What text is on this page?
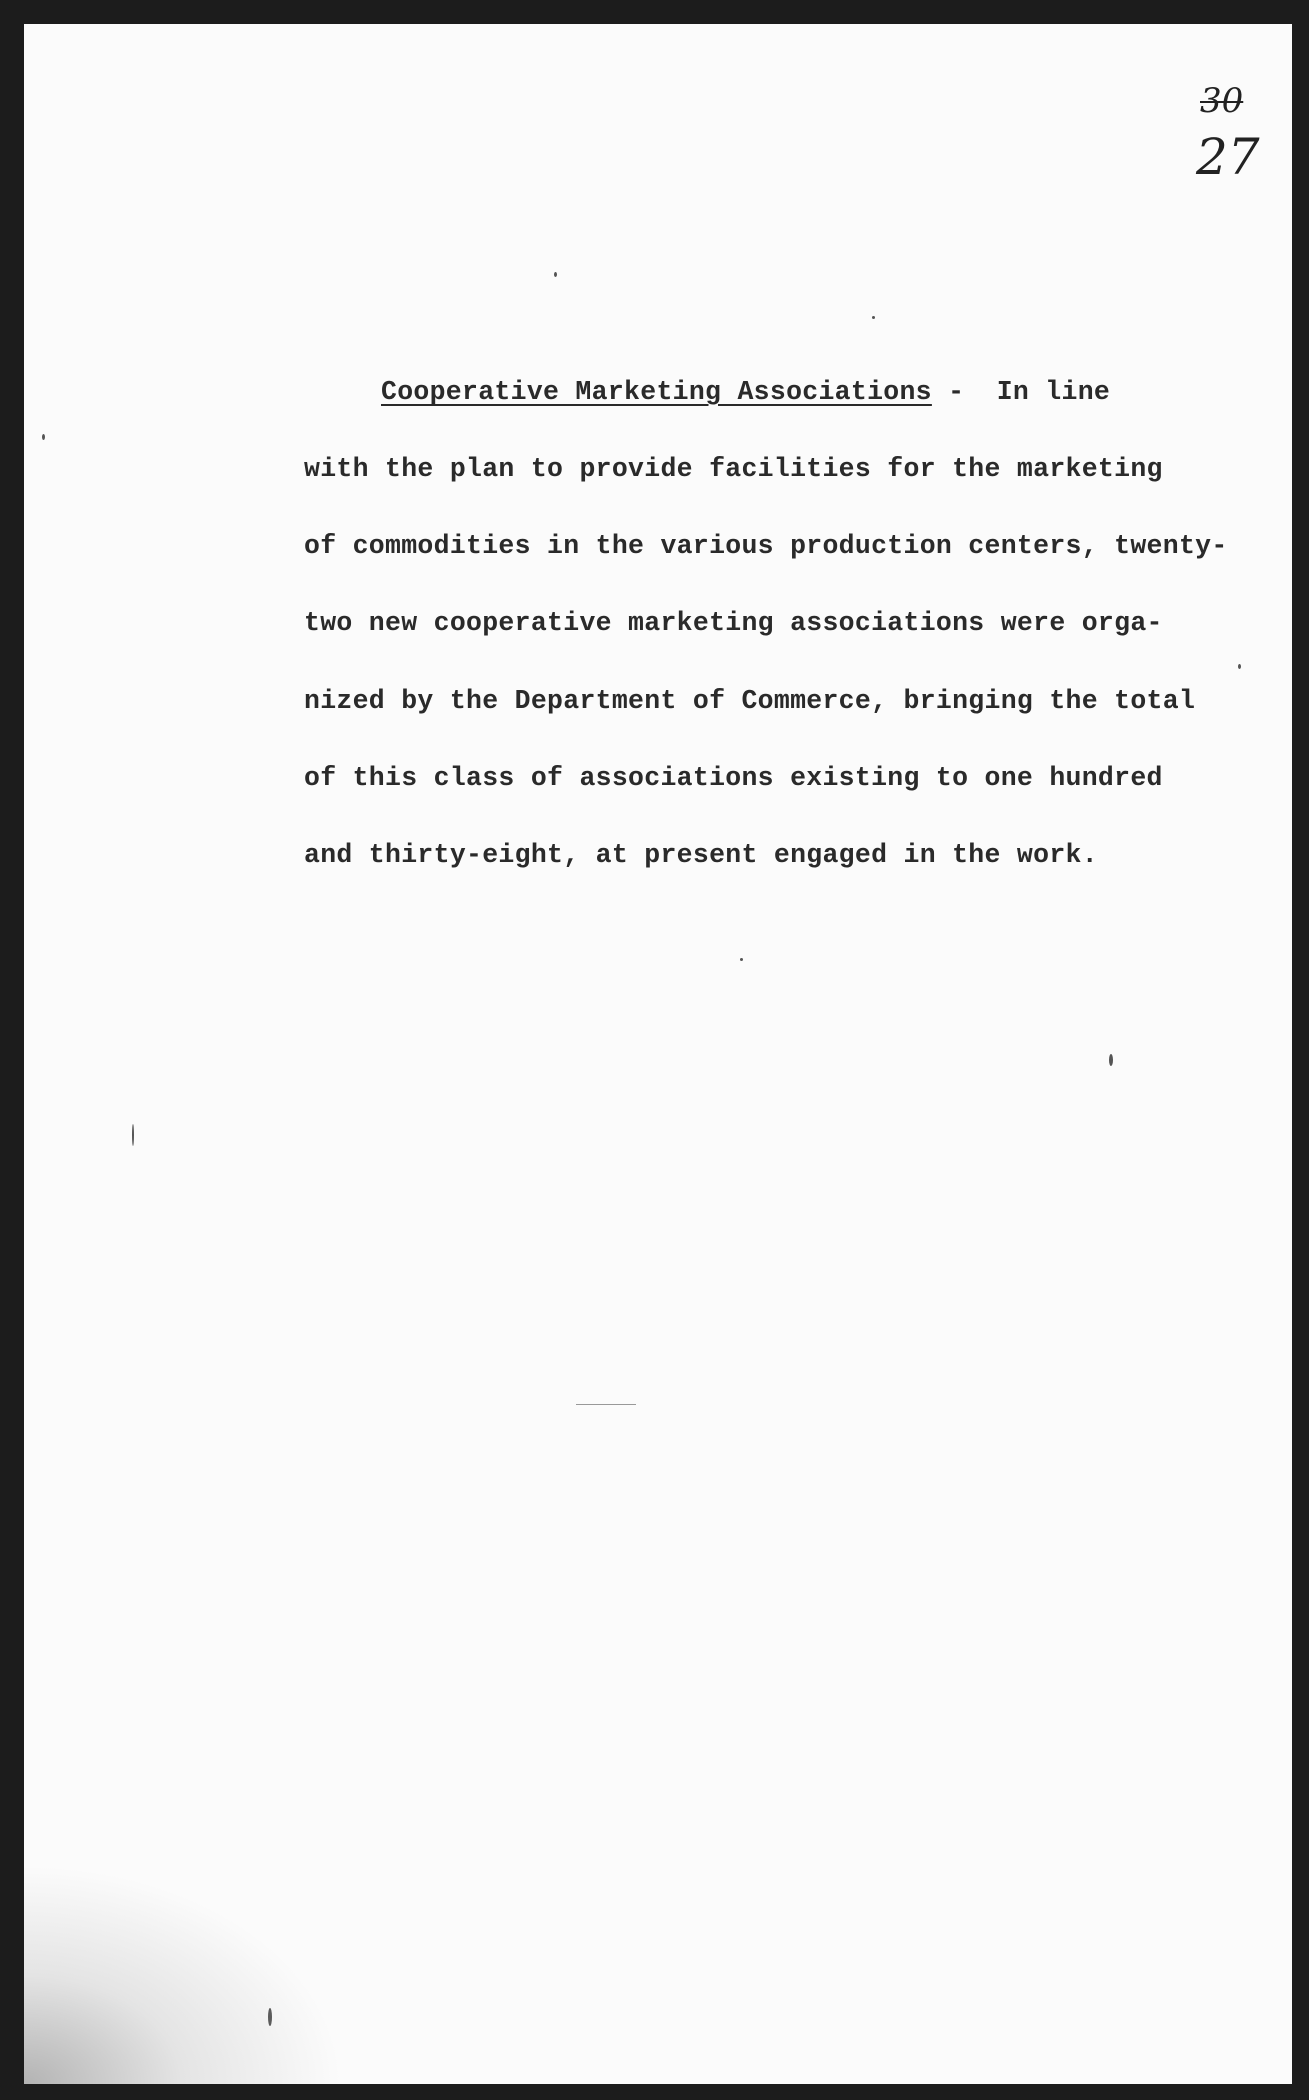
30
27
Cooperative Marketing Associations -  In line
with the plan to provide facilities for the marketing
of commodities in the various production centers, twenty-
two new cooperative marketing associations were orga-
nized by the Department of Commerce, bringing the total
of this class of associations existing to one hundred
and thirty-eight, at present engaged in the work.
